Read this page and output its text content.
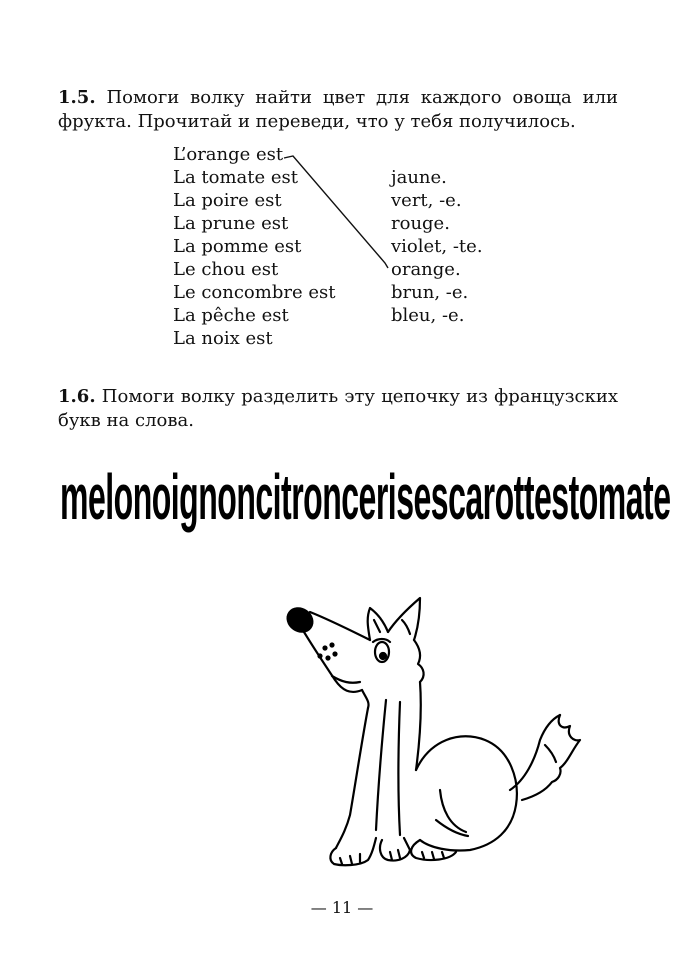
1.5. Помоги волку найти цвет для каждого овоща или фрукта. Прочитай и переведи, что у тебя получилось.

L’orange est
La tomate est
La poire est
La prune est
La pomme est
Le chou est
Le concombre est
La pêche est
La noix est
jaune.
vert, -e.
rouge.
violet, -te.
orange.
brun, -e.
bleu, -e.

1.6. Помоги волку разделить эту цепочку из французских букв на слова.

melonoignoncitroncerisescarottestomate

— 11 —
